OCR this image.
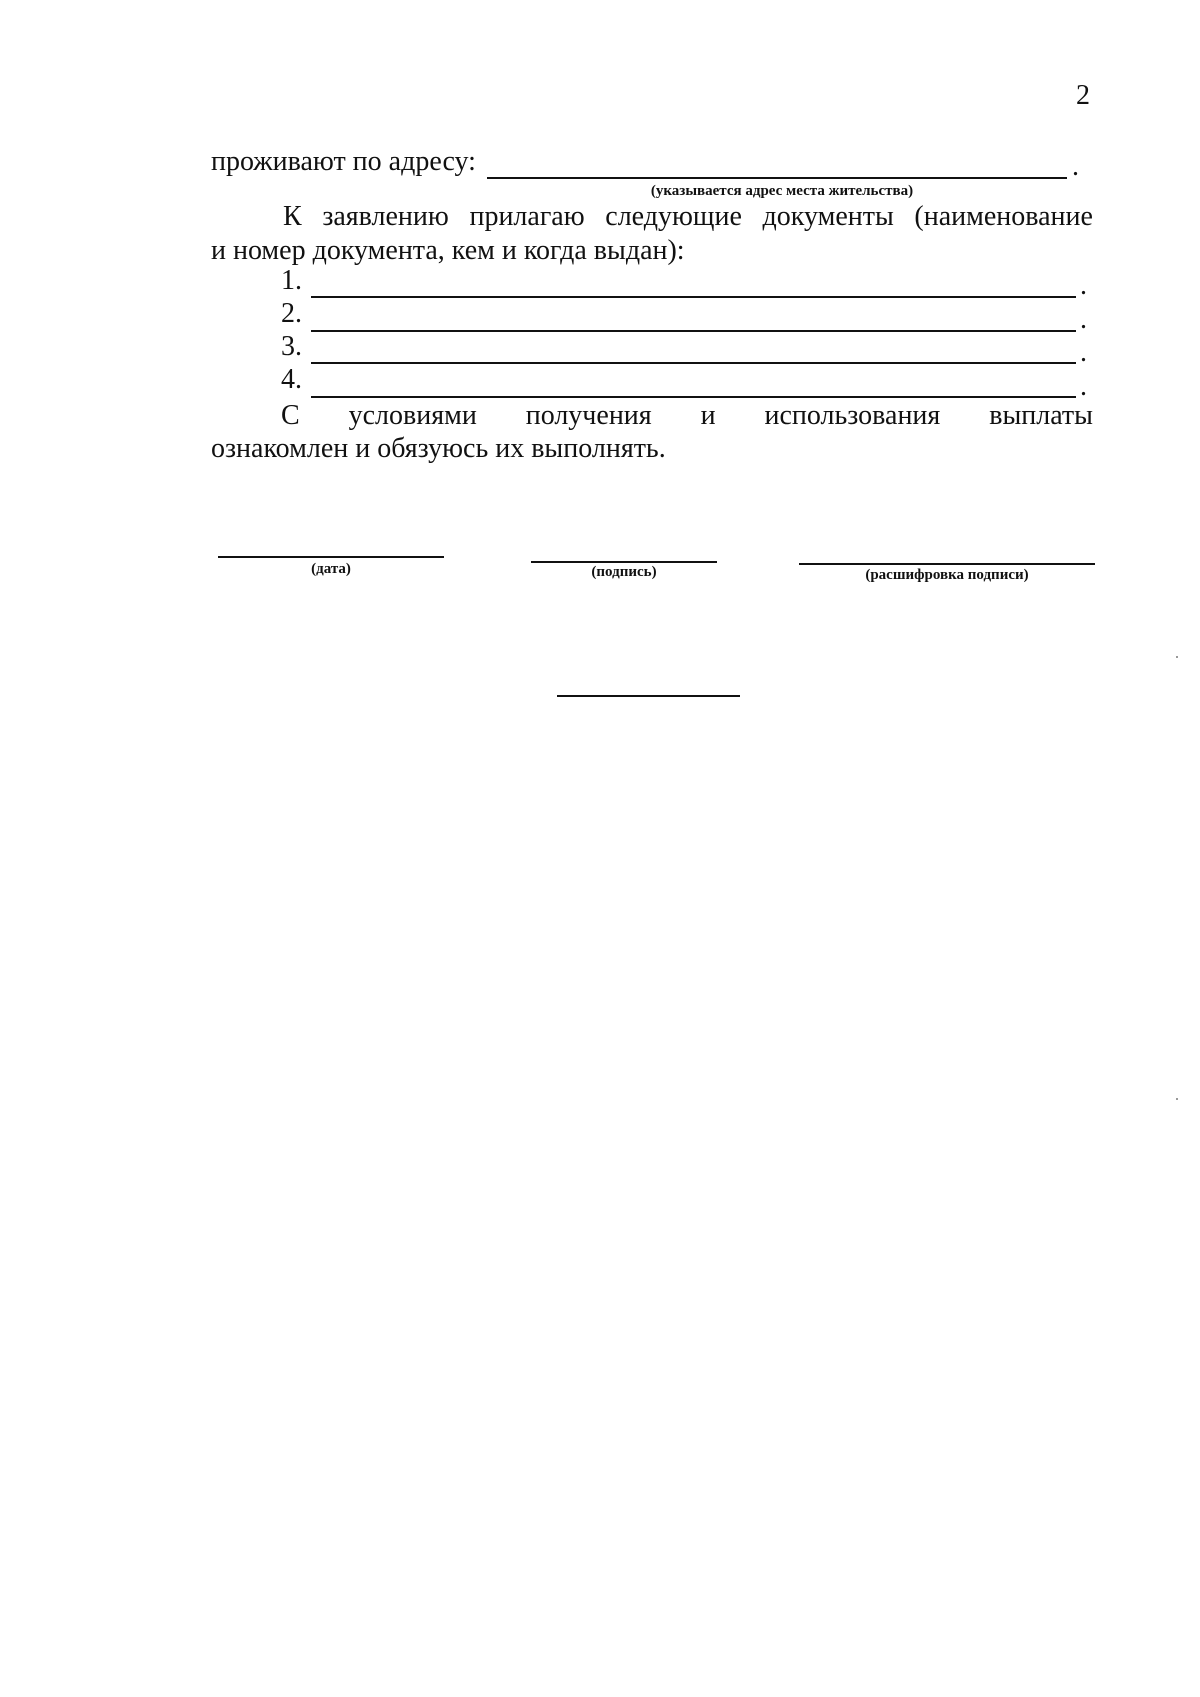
2
проживают по адресу:	.
(указывается адрес места жительства)
К заявлению прилагаю следующие документы (наименование
и номер документа, кем и когда выдан):
1.	.
2.	.
3.	.
4.	.
С условиями получения и использования выплаты
ознакомлен и обязуюсь их выполнять.
(дата)	(подпись)	(расшифровка подписи)
